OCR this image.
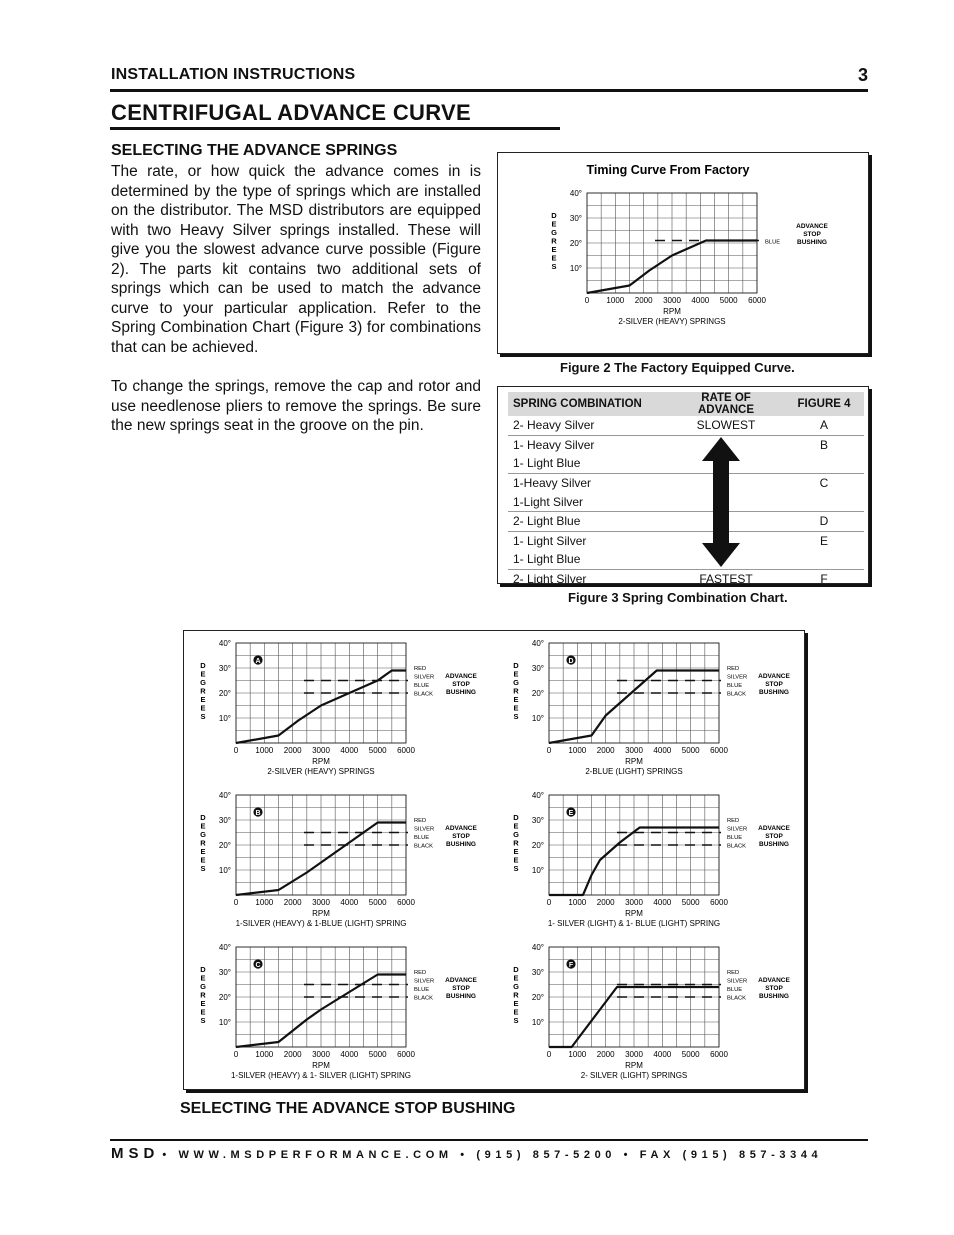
INSTALLATION INSTRUCTIONS	3
CENTRIFUGAL ADVANCE CURVE
SELECTING THE ADVANCE SPRINGS
The rate, or how quick the advance comes in is determined by the type of springs which are installed on the distributor. The MSD distributors are equipped with two Heavy Silver springs installed. These will give you the slowest advance curve possible (Figure 2). The parts kit contains two additional sets of springs which can be used to match the advance curve to your particular application. Refer to the Spring Combination Chart (Figure 3) for combinations that can be achieved.
To change the springs, remove the cap and rotor and use needlenose pliers to remove the springs. Be sure the new springs seat in the groove on the pin.
Timing Curve From Factory
10°
20°
30°
40°
0 1000 2000 3000 4000 5000 6000
D
E
G
R
E
E
S
RPM
2-SILVER (HEAVY) SPRINGS
BLUE
ADVANCE
STOP
BUSHING
Figure 2 The Factory Equipped Curve.
SPRING COMBINATION	RATE OF ADVANCE	FIGURE 4
2- Heavy Silver	SLOWEST	A
1- Heavy Silver		B
1- Light Blue		
1-Heavy Silver		C
1-Light Silver		
2- Light Blue		D
1- Light Silver		E
1- Light Blue		
2- Light Silver	FASTEST	F
Figure 3 Spring Combination Chart.
10°
20°
30°
40°
0 1000 2000 3000 4000 5000 6000
D
E
G
R
E
E
S
RPM
2-SILVER (HEAVY) SPRINGS
RED
SILVER
BLUE
BLACK
ADVANCE
STOP
BUSHING
A
10°
20°
30°
40°
0 1000 2000 3000 4000 5000 6000
D
E
G
R
E
E
S
RPM
2-BLUE (LIGHT) SPRINGS
RED
SILVER
BLUE
BLACK
ADVANCE
STOP
BUSHING
D
10°
20°
30°
40°
0 1000 2000 3000 4000 5000 6000
D
E
G
R
E
E
S
RPM
1-SILVER (HEAVY) & 1-BLUE (LIGHT) SPRING
RED
SILVER
BLUE
BLACK
ADVANCE
STOP
BUSHING
B
10°
20°
30°
40°
0 1000 2000 3000 4000 5000 6000
D
E
G
R
E
E
S
RPM
1- SILVER (LIGHT) & 1- BLUE (LIGHT) SPRING
RED
SILVER
BLUE
BLACK
ADVANCE
STOP
BUSHING
E
10°
20°
30°
40°
0 1000 2000 3000 4000 5000 6000
D
E
G
R
E
E
S
RPM
1-SILVER (HEAVY) & 1- SILVER (LIGHT) SPRING
RED
SILVER
BLUE
BLACK
ADVANCE
STOP
BUSHING
C
10°
20°
30°
40°
0 1000 2000 3000 4000 5000 6000
D
E
G
R
E
E
S
RPM
2- SILVER (LIGHT) SPRINGS
RED
SILVER
BLUE
BLACK
ADVANCE
STOP
BUSHING
F
SELECTING THE ADVANCE STOP BUSHING
MSD • WWW.MSDPERFORMANCE.COM • (915) 857-5200 • FAX (915) 857-3344
